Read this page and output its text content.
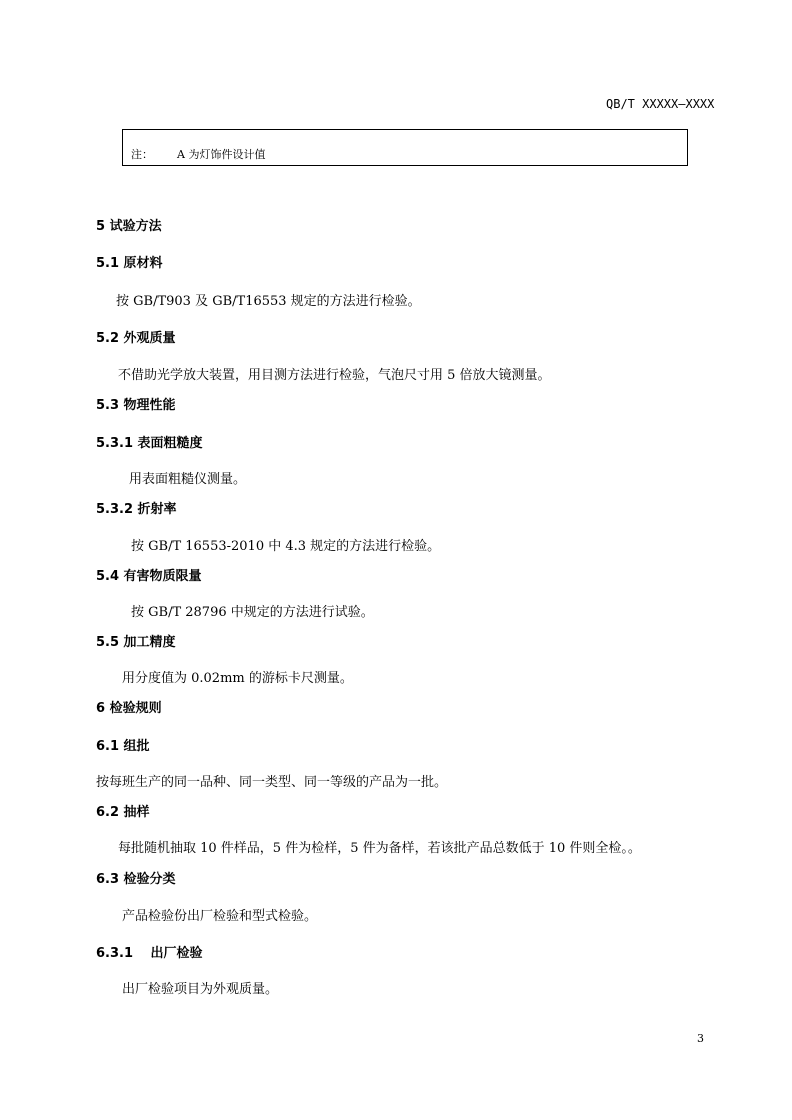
QB/T XXXXX—XXXX
注： A 为灯饰件设计值
5 试验方法
5.1 原材料
按 GB/T903 及 GB/T16553 规定的方法进行检验。
5.2 外观质量
不借助光学放大装置，用目测方法进行检验，气泡尺寸用 5 倍放大镜测量。
5.3 物理性能
5.3.1 表面粗糙度
用表面粗糙仪测量。
5.3.2 折射率
按 GB/T 16553-2010 中 4.3 规定的方法进行检验。
5.4 有害物质限量
按 GB/T 28796 中规定的方法进行试验。
5.5 加工精度
用分度值为 0.02mm 的游标卡尺测量。
6 检验规则
6.1 组批
按每班生产的同一品种、同一类型、同一等级的产品为一批。
6.2 抽样
每批随机抽取 10 件样品，5 件为检样，5 件为备样，若该批产品总数低于 10 件则全检。。
6.3 检验分类
产品检验份出厂检验和型式检验。
6.3.1　 出厂检验
出厂检验项目为外观质量。
3
